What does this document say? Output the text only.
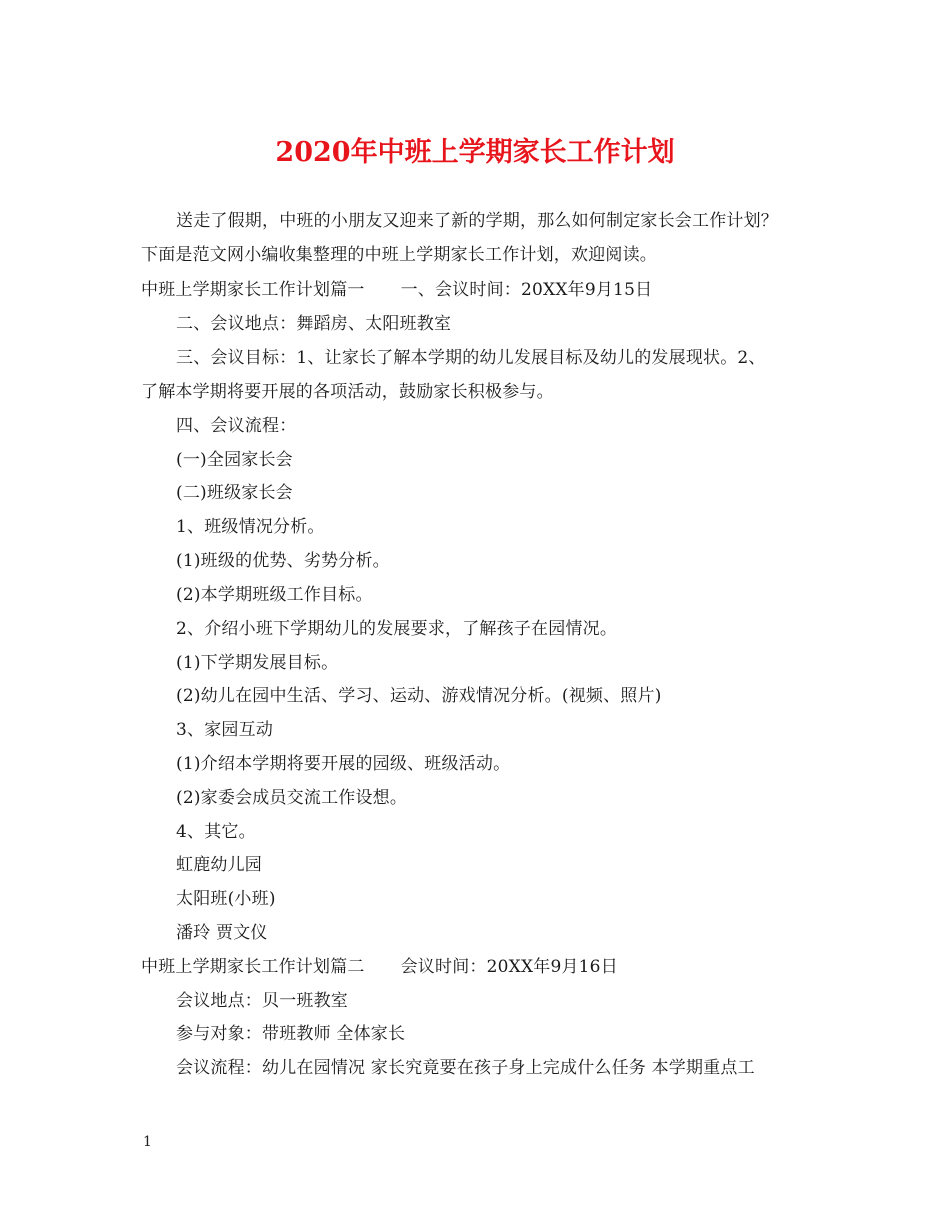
2020年中班上学期家长工作计划
送走了假期，中班的小朋友又迎来了新的学期，那么如何制定家长会工作计划？
下面是范文网小编收集整理的中班上学期家长工作计划，欢迎阅读。
中班上学期家长工作计划篇一 一、会议时间：20XX年9月15日
二、会议地点：舞蹈房、太阳班教室
三、会议目标：1、让家长了解本学期的幼儿发展目标及幼儿的发展现状。2、
了解本学期将要开展的各项活动，鼓励家长积极参与。
四、会议流程：
(一)全园家长会
(二)班级家长会
1、班级情况分析。
(1)班级的优势、劣势分析。
(2)本学期班级工作目标。
2、介绍小班下学期幼儿的发展要求，了解孩子在园情况。
(1)下学期发展目标。
(2)幼儿在园中生活、学习、运动、游戏情况分析。(视频、照片)
3、家园互动
(1)介绍本学期将要开展的园级、班级活动。
(2)家委会成员交流工作设想。
4、其它。
虹鹿幼儿园
太阳班(小班)
潘玲 贾文仪
中班上学期家长工作计划篇二 会议时间：20XX年9月16日
会议地点：贝一班教室
参与对象：带班教师 全体家长
会议流程：幼儿在园情况 家长究竟要在孩子身上完成什么任务 本学期重点工
1
